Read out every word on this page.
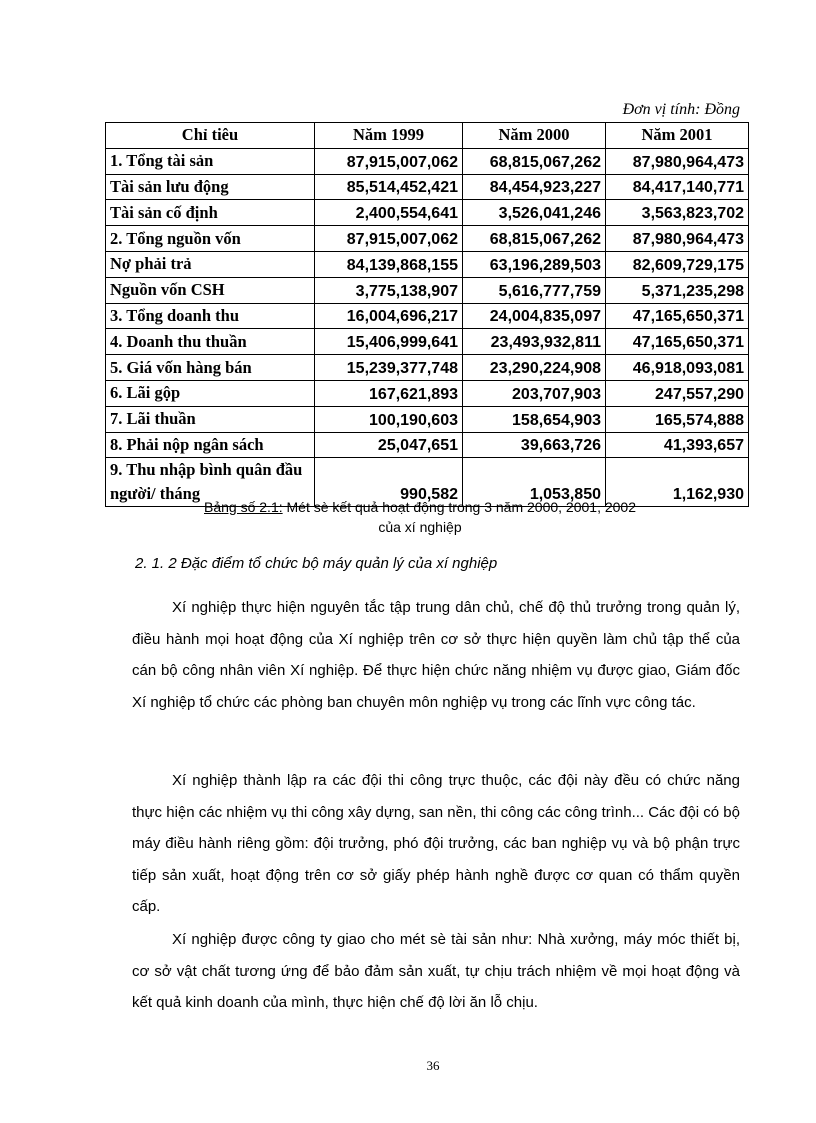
Đơn vị tính: Đồng
Chỉ tiêu	Năm 1999	Năm 2000	Năm 2001
1. Tổng tài sản	87,915,007,062	68,815,067,262	87,980,964,473
Tài sản lưu động	85,514,452,421	84,454,923,227	84,417,140,771
Tài sản cố định	2,400,554,641	3,526,041,246	3,563,823,702
2. Tổng nguồn vốn	87,915,007,062	68,815,067,262	87,980,964,473
Nợ phải trả	84,139,868,155	63,196,289,503	82,609,729,175
Nguồn vốn CSH	3,775,138,907	5,616,777,759	5,371,235,298
3. Tổng doanh thu	16,004,696,217	24,004,835,097	47,165,650,371
4. Doanh thu thuần	15,406,999,641	23,493,932,811	47,165,650,371
5. Giá vốn hàng bán	15,239,377,748	23,290,224,908	46,918,093,081
6. Lãi gộp	167,621,893	203,707,903	247,557,290
7. Lãi thuần	100,190,603	158,654,903	165,574,888
8. Phải nộp ngân sách	25,047,651	39,663,726	41,393,657
9. Thu nhập bình quân đầu người/ tháng	990,582	1,053,850	1,162,930
Bảng số 2.1: Mét sè kết quả hoạt động trong 3 năm 2000, 2001, 2002
của xí nghiệp
2. 1. 2 Đặc điểm tổ chức bộ máy quản lý của xí nghiệp

Xí nghiệp thực hiện nguyên tắc tập trung dân chủ, chế độ thủ trưởng trong quản lý, điều hành mọi hoạt động của Xí nghiệp trên cơ sở thực hiện quyền làm chủ tập thể của cán bộ công nhân viên Xí nghiệp. Để thực hiện chức năng nhiệm vụ được giao, Giám đốc Xí nghiệp tổ chức các phòng ban chuyên môn nghiệp vụ trong các lĩnh vực công tác.

Xí nghiệp thành lập ra các đội thi công trực thuộc, các đội này đều có chức năng thực hiện các nhiệm vụ thi công xây dựng, san nền, thi công các công trình... Các đội có bộ máy điều hành riêng gồm: đội trưởng, phó đội trưởng, các ban nghiệp vụ và bộ phận trực tiếp sản xuất, hoạt động trên cơ sở giấy phép hành nghề được cơ quan có thẩm quyền cấp.

Xí nghiệp được công ty giao cho mét sè tài sản như: Nhà xưởng, máy móc thiết bị, cơ sở vật chất tương ứng để bảo đảm sản xuất, tự chịu trách nhiệm về mọi hoạt động và kết quả kinh doanh của mình, thực hiện chế độ lời ăn lỗ chịu.

36
